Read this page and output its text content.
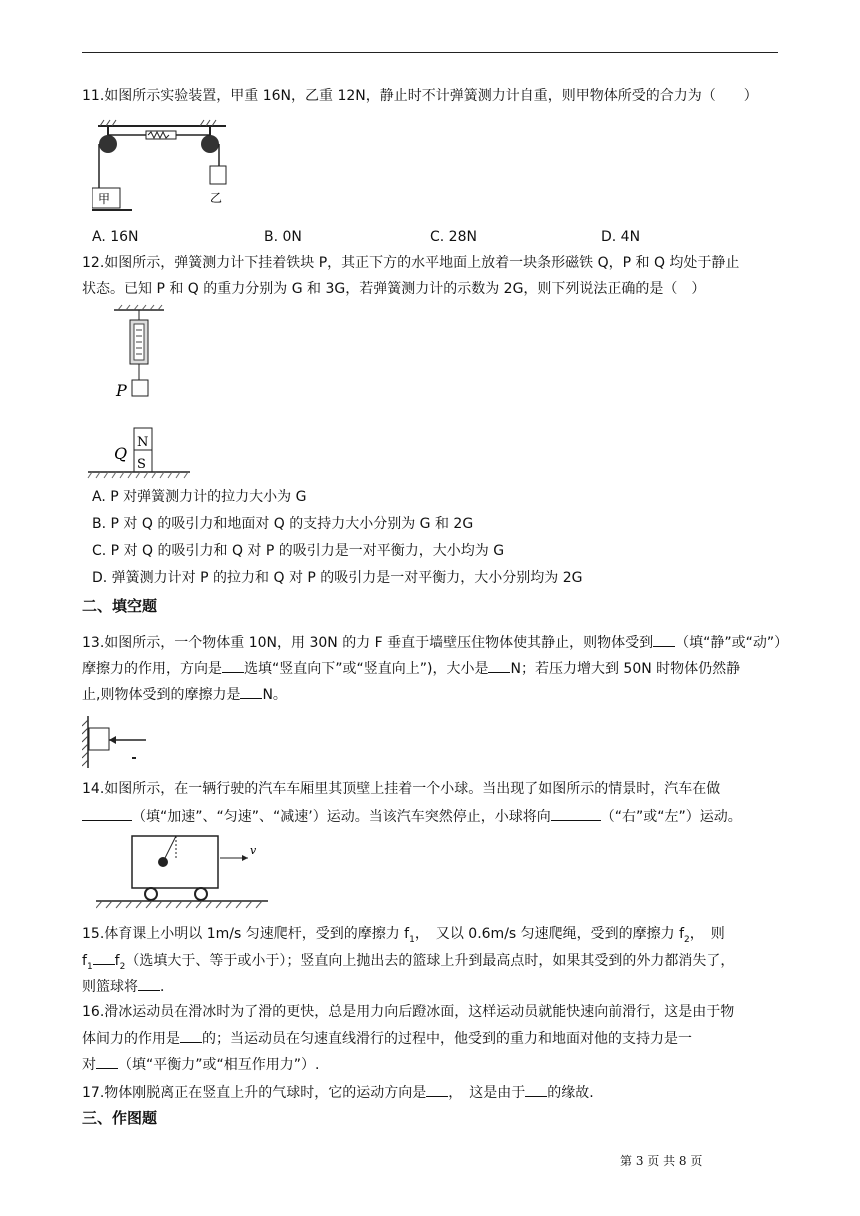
11.如图所示实验装置，甲重 16N，乙重 12N，静止时不计弹簧测力计自重，则甲物体所受的合力为（　　）
甲	乙
A. 16N	B. 0N	C. 28N	D. 4N
12.如图所示，弹簧测力计下挂着铁块 P，其正下方的水平地面上放着一块条形磁铁 Q，P 和 Q 均处于静止
状态。已知 P 和 Q 的重力分别为 G 和 3G，若弹簧测力计的示数为 2G，则下列说法正确的是（　）
P
N
S
Q
A. P 对弹簧测力计的拉力大小为 G
B. P 对 Q 的吸引力和地面对 Q 的支持力大小分别为 G 和 2G
C. P 对 Q 的吸引力和 Q 对 P 的吸引力是一对平衡力，大小均为 G
D. 弹簧测力计对 P 的拉力和 Q 对 P 的吸引力是一对平衡力，大小分别均为 2G
二、填空题
13.如图所示，一个物体重 10N，用 30N 的力 F 垂直于墙壁压住物体使其静止，则物体受到 （填“静”或“动”）
摩擦力的作用，方向是 选填“竖直向下”或“竖直向上”)，大小是 N；若压力增大到 50N 时物体仍然静
止,则物体受到的摩擦力是 N。
14.如图所示，在一辆行驶的汽车车厢里其顶壁上挂着一个小球。当出现了如图所示的情景时，汽车在做
（填“加速”、“匀速”、“减速’）运动。当该汽车突然停止，小球将向	（“右”或“左”）运动。
v
15.体育课上小明以 1m/s 匀速爬杆，受到的摩擦力 $f_1$，　又以 0.6m/s 匀速爬绳，受到的摩擦力 $f_2$，　则
$f_1$ $f_2$（选填大于、等于或小于）；竖直向上抛出去的篮球上升到最高点时，如果其受到的外力都消失了，
则篮球将 ．
16.滑冰运动员在滑冰时为了滑的更快，总是用力向后蹬冰面，这样运动员就能快速向前滑行，这是由于物
体间力的作用是 的；当运动员在匀速直线滑行的过程中，他受到的重力和地面对他的支持力是一
对 （填“平衡力”或“相互作用力”）.
17.物体刚脱离正在竖直上升的气球时，它的运动方向是 ，　这是由于 的缘故.
三、作图题
第 3 页 共 8 页
